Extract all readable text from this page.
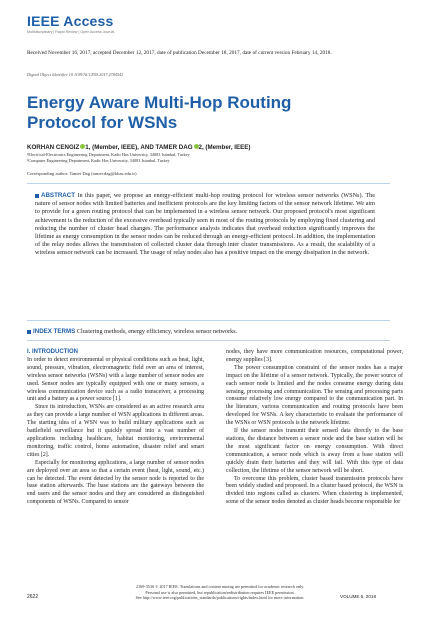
IEEE Access
Multidisciplinary | Rapid Review | Open Access Journal
Received November 16, 2017, accepted December 12, 2017, date of publication December 18, 2017, date of current version February 14, 2018.
Digital Object Identifier 10.1109/ACCESS.2017.2784542
Energy Aware Multi-Hop Routing Protocol for WSNs
KORHAN CENGIZ 1, (Member, IEEE), AND TAMER DAG 2, (Member, IEEE)
¹Electrical-Electronics Engineering Department, Kadir Has University, 34083 Istanbul, Turkey
²Computer Engineering Department, Kadir Has University, 34083 Istanbul, Turkey
Corresponding author: Tamer Dag (tamer.dag@khas.edu.tr)
ABSTRACT In this paper, we propose an energy-efficient multi-hop routing protocol for wireless sensor networks (WSNs). The nature of sensor nodes with limited batteries and inefficient protocols are the key limiting factors of the sensor network lifetime. We aim to provide for a green routing protocol that can be implemented in a wireless sensor network. Our proposed protocol's most significant achievement is the reduction of the excessive overhead typically seen in most of the routing protocols by employing fixed clustering and reducing the number of cluster head changes. The performance analysis indicates that overhead reduction significantly improves the lifetime as energy consumption in the sensor nodes can be reduced through an energy-efficient protocol. In addition, the implementation of the relay nodes allows the transmission of collected cluster data through inter cluster transmissions. As a result, the scalability of a wireless sensor network can be increased. The usage of relay nodes also has a positive impact on the energy dissipation in the network.
INDEX TERMS Clustering methods, energy efficiency, wireless sensor networks.

I. INTRODUCTION

In order to detect environmental or physical conditions such as heat, light, sound, pressure, vibration, electromagnetic field over an area of interest, wireless sensor networks (WSNs) with a large number of sensor nodes are used. Sensor nodes are typically equipped with one or many sensors, a wireless communication device such as a radio transceiver, a processing unit and a battery as a power source [1].

Since its introduction, WSNs are considered as an active research area as they can provide a large number of WSN applications in different areas. The starting idea of a WSN was to build military applications such as battlefield surveillance but it quickly spread into a vast number of applications including healthcare, habitat monitoring, environmental monitoring, traffic control, home automation, disaster relief and smart cities [2].

Especially for monitoring applications, a large number of sensor nodes are deployed over an area so that a certain event (heat, light, sound, etc.) can be detected. The event detected by the sensor node is reported to the base station afterwards. The base stations are the gateways between the end users and the sensor nodes and they are considered as distinguished components of WSNs. Compared to sensor

nodes, they have more communication resources, computational power, energy supplies [3].

The power consumption constraint of the sensor nodes has a major impact on the lifetime of a sensor network. Typically, the power source of each sensor node is limited and the nodes consume energy during data sensing, processing and communication. The sensing and processing parts consume relatively low energy compared to the communication part. In the literature, various communication and routing protocols have been developed for WSNs. A key characteristic to evaluate the performance of the WSNs or WSN protocols is the network lifetime.

If the sensor nodes transmit their sensed data directly to the base stations, the distance between a sensor node and the base station will be the most significant factor on energy consumption. With direct communication, a sensor node which is away from a base station will quickly drain their batteries and they will fail. With this type of data collection, the lifetime of the sensor network will be short.

To overcome this problem, cluster based transmission protocols have been widely studied and proposed. In a cluster based protocol, the WSN is divided into regions called as clusters. When clustering is implemented, some of the sensor nodes denoted as cluster heads become responsible for

2169-3536 © 2017 IEEE. Translations and content mining are permitted for academic research only.
Personal use is also permitted, but republication/redistribution requires IEEE permission.
See http://www.ieee.org/publications_standards/publications/rights/index.html for more information.
2622	VOLUME 6, 2018
